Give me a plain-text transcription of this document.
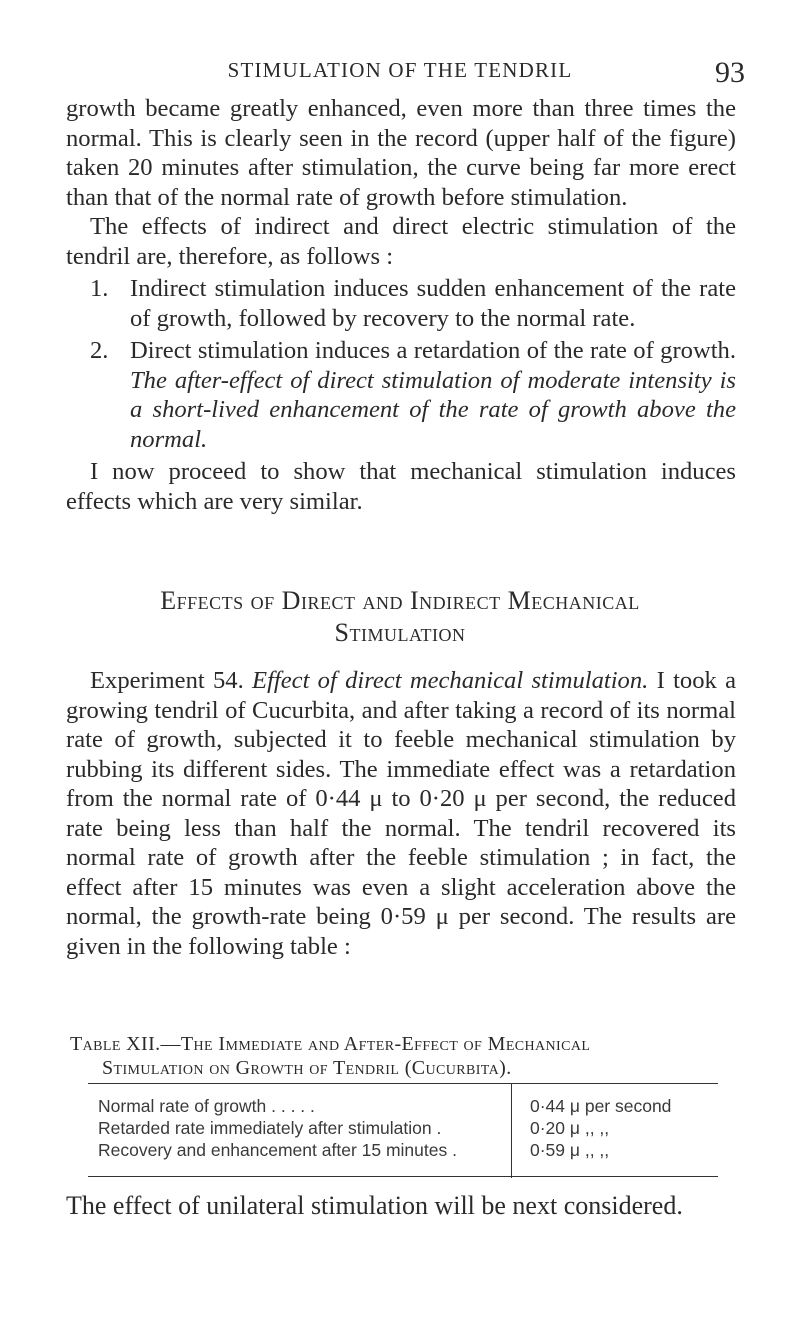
STIMULATION OF THE TENDRIL	93

growth became greatly enhanced, even more than three times the normal. This is clearly seen in the record (upper half of the figure) taken 20 minutes after stimulation, the curve being far more erect than that of the normal rate of growth before stimulation.

The effects of indirect and direct electric stimulation of the tendril are, therefore, as follows :

1. Indirect stimulation induces sudden enhancement of the rate of growth, followed by recovery to the normal rate.
2. Direct stimulation induces a retardation of the rate of growth. The after-effect of direct stimulation of moderate intensity is a short-lived enhancement of the rate of growth above the normal.

I now proceed to show that mechanical stimulation induces effects which are very similar.

Effects of Direct and Indirect Mechanical
Stimulation

Experiment 54. Effect of direct mechanical stimulation. I took a growing tendril of Cucurbita, and after taking a record of its normal rate of growth, subjected it to feeble mechanical stimulation by rubbing its different sides. The immediate effect was a retardation from the normal rate of 0·44 μ to 0·20 μ per second, the reduced rate being less than half the normal. The tendril recovered its normal rate of growth after the feeble stimulation ; in fact, the effect after 15 minutes was even a slight acceleration above the normal, the growth-rate being 0·59 μ per second. The results are given in the following table :

Table XII.—The Immediate and After-Effect of Mechanical
Stimulation on Growth of Tendril (Cucurbita).
Normal rate of growth . . . . .	0·44 μ per second
Retarded rate immediately after stimulation .	0·20 μ ,, ,,
Recovery and enhancement after 15 minutes .	0·59 μ ,, ,,
The effect of unilateral stimulation will be next considered.
